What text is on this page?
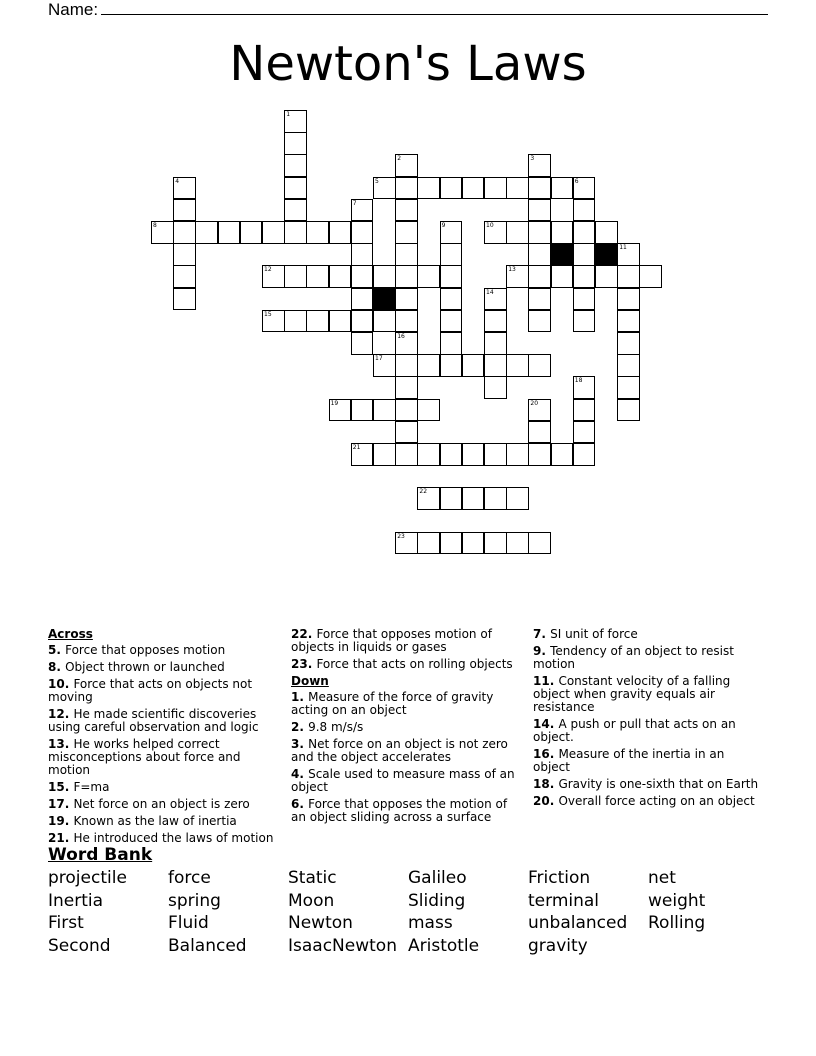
Name:
Newton's Laws
5
8	10
12	13
15
17
19
21
22
23
1
2
16
3
4	6
7
9
11
14
18
20
Across
5. Force that opposes motion
8. Object thrown or launched
10. Force that acts on objects not moving
12. He made scientific discoveries using careful observation and logic
13. He works helped correct misconceptions about force and motion
15. F=ma
17. Net force on an object is zero
19. Known as the law of inertia
21. He introduced the laws of motion
22. Force that opposes motion of objects in liquids or gases
23. Force that acts on rolling objects
Down
1. Measure of the force of gravity acting on an object
2. 9.8 m/s/s
3. Net force on an object is not zero and the object accelerates
4. Scale used to measure mass of an object
6. Force that opposes the motion of an object sliding across a surface
7. SI unit of force
9. Tendency of an object to resist motion
11. Constant velocity of a falling object when gravity equals air resistance
14. A push or pull that acts on an object.
16. Measure of the inertia in an object
18. Gravity is one-sixth that on Earth
20. Overall force acting on an object
Word Bank
projectile	force	Static	Galileo	Friction	net
Inertia	spring	Moon	Sliding	terminal	weight
First	Fluid	Newton	mass	unbalanced	Rolling
Second	Balanced	IsaacNewton Aristotle	gravity
